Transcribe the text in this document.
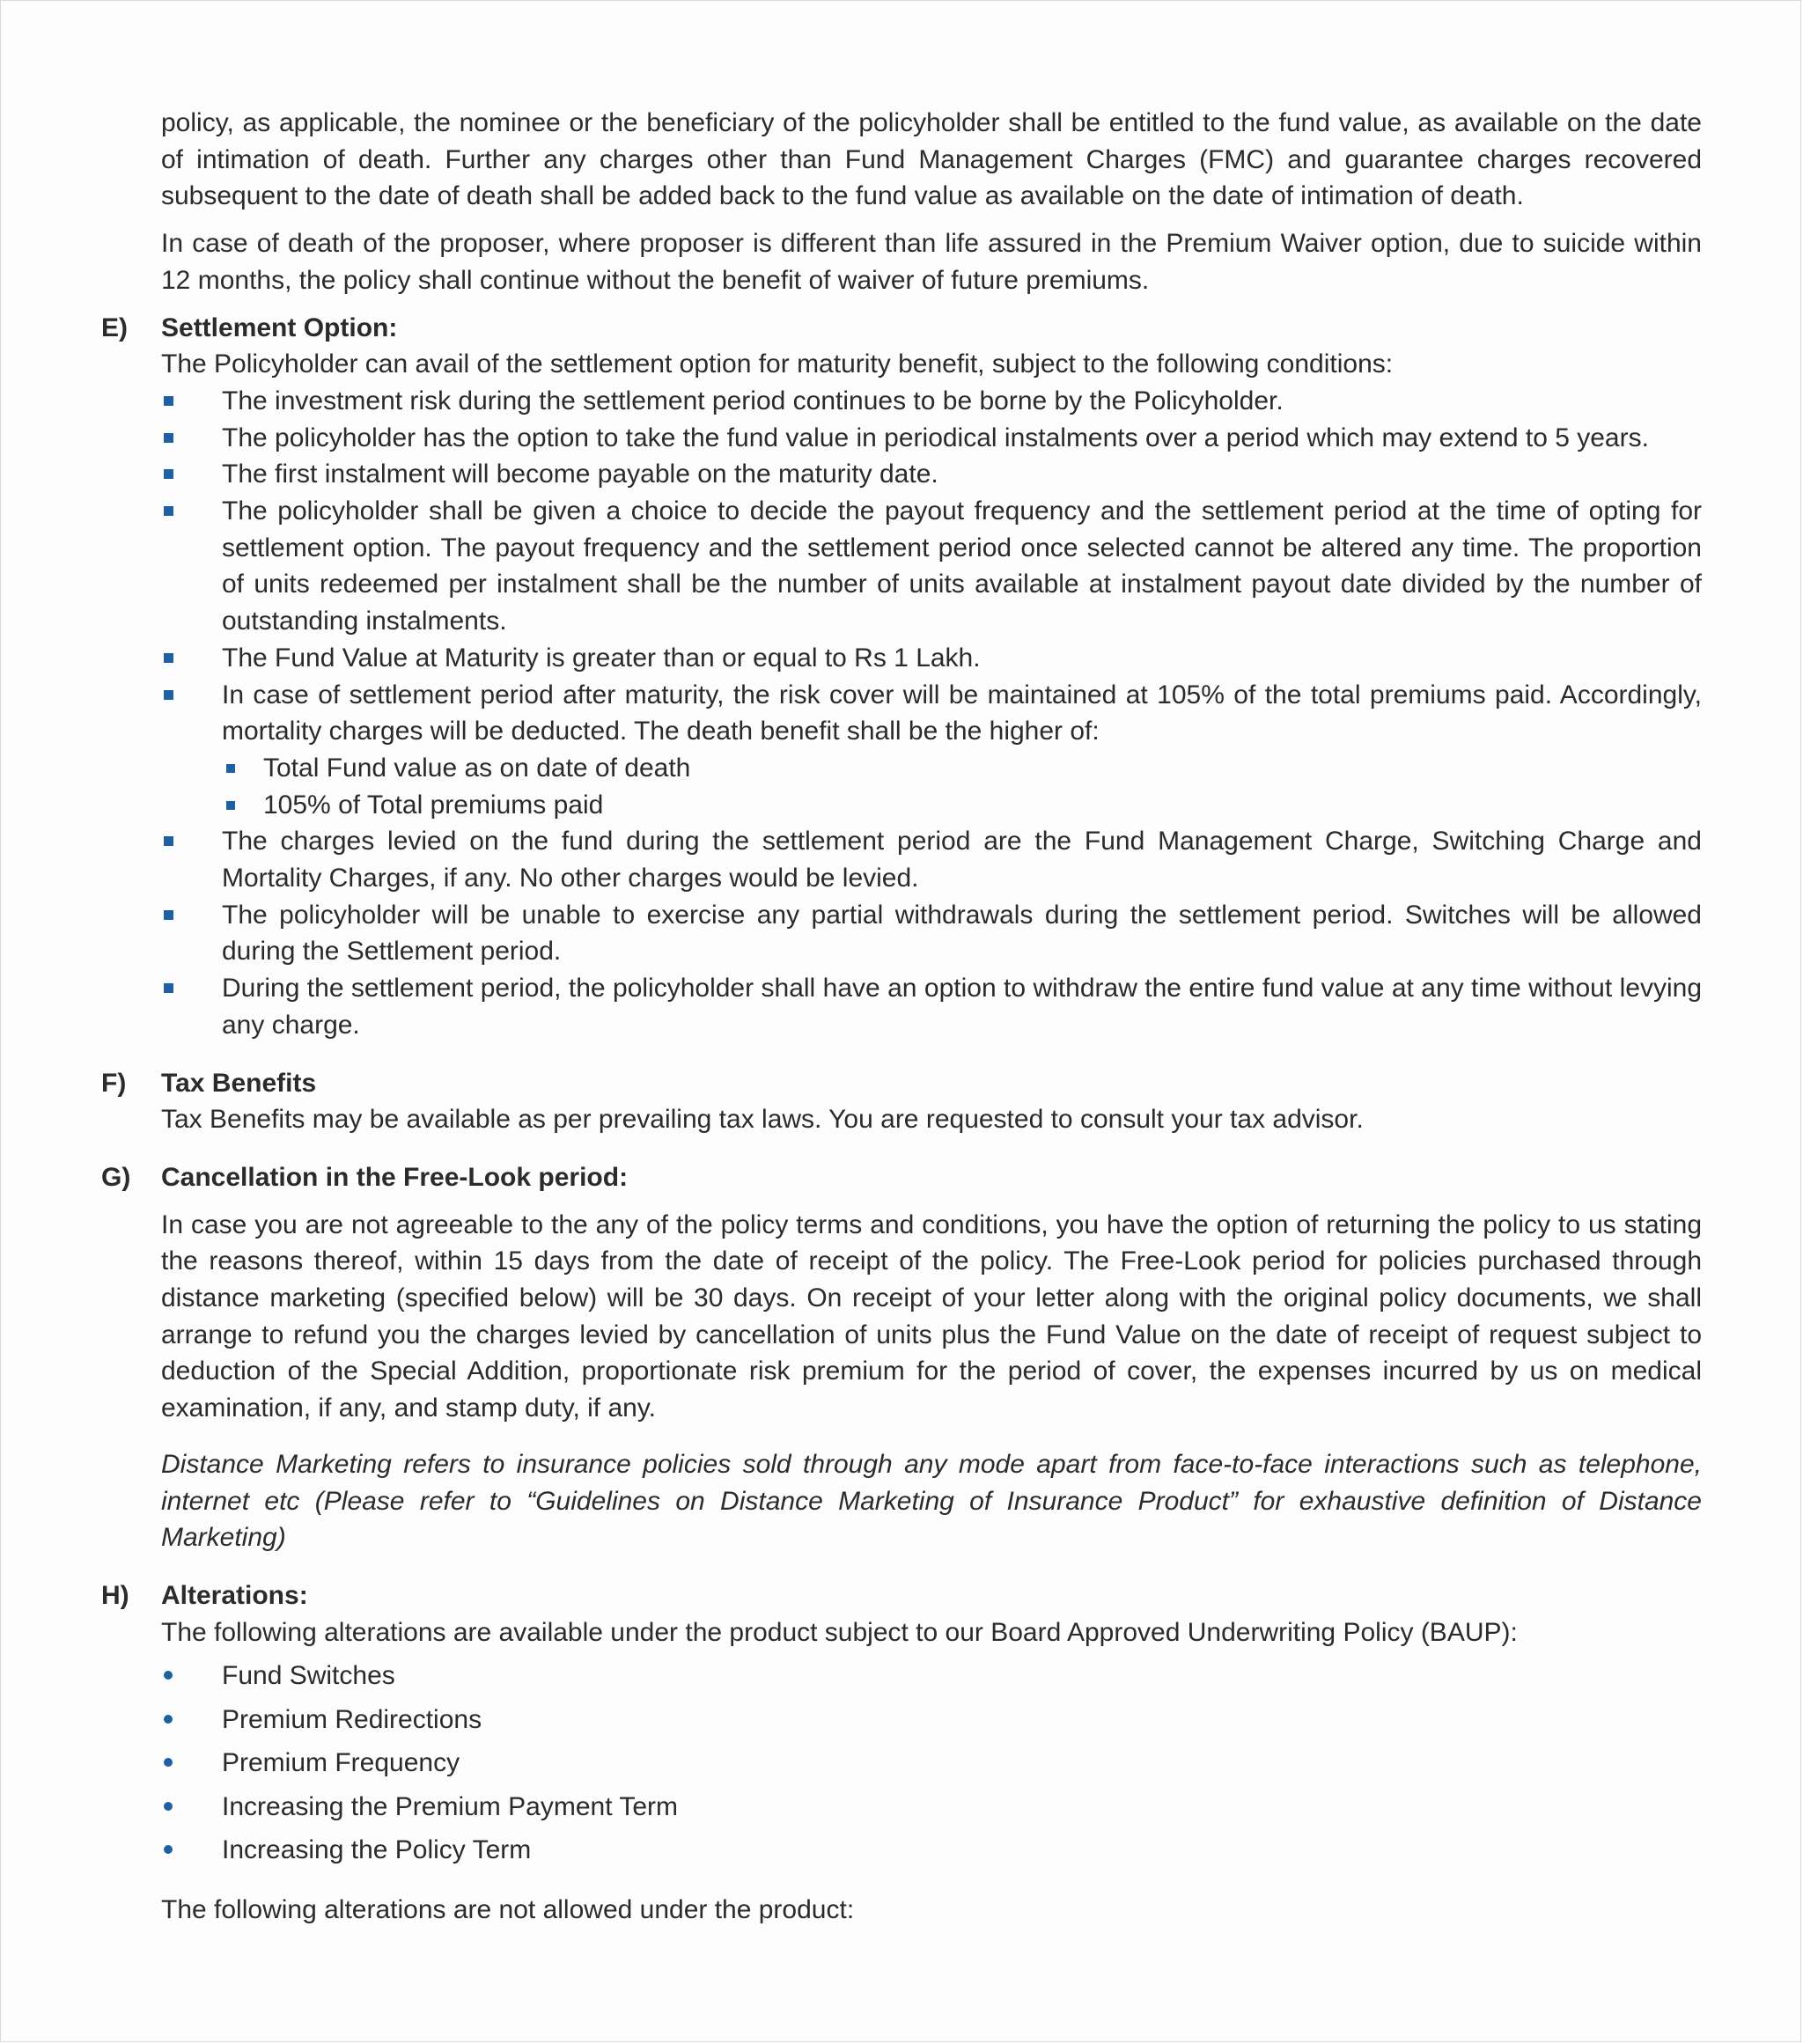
policy, as applicable, the nominee or the beneficiary of the policyholder shall be entitled to the fund value, as available on the date of intimation of death. Further any charges other than Fund Management Charges (FMC) and guarantee charges recovered subsequent to the date of death shall be added back to the fund value as available on the date of intimation of death.

In case of death of the proposer, where proposer is different than life assured in the Premium Waiver option, due to suicide within 12 months, the policy shall continue without the benefit of waiver of future premiums.

E) Settlement Option:

The Policyholder can avail of the settlement option for maturity benefit, subject to the following conditions:

The investment risk during the settlement period continues to be borne by the Policyholder.
The policyholder has the option to take the fund value in periodical instalments over a period which may extend to 5 years.
The first instalment will become payable on the maturity date.
The policyholder shall be given a choice to decide the payout frequency and the settlement period at the time of opting for settlement option. The payout frequency and the settlement period once selected cannot be altered any time. The proportion of units redeemed per instalment shall be the number of units available at instalment payout date divided by the number of outstanding instalments.
The Fund Value at Maturity is greater than or equal to Rs 1 Lakh.
In case of settlement period after maturity, the risk cover will be maintained at 105% of the total premiums paid. Accordingly, mortality charges will be deducted. The death benefit shall be the higher of:
Total Fund value as on date of death
105% of Total premiums paid
The charges levied on the fund during the settlement period are the Fund Management Charge, Switching Charge and Mortality Charges, if any. No other charges would be levied.
The policyholder will be unable to exercise any partial withdrawals during the settlement period. Switches will be allowed during the Settlement period.
During the settlement period, the policyholder shall have an option to withdraw the entire fund value at any time without levying any charge.
F) Tax Benefits

Tax Benefits may be available as per prevailing tax laws. You are requested to consult your tax advisor.

G) Cancellation in the Free-Look period:

In case you are not agreeable to the any of the policy terms and conditions, you have the option of returning the policy to us stating the reasons thereof, within 15 days from the date of receipt of the policy. The Free-Look period for policies purchased through distance marketing (specified below) will be 30 days. On receipt of your letter along with the original policy documents, we shall arrange to refund you the charges levied by cancellation of units plus the Fund Value on the date of receipt of request subject to deduction of the Special Addition, proportionate risk premium for the period of cover, the expenses incurred by us on medical examination, if any, and stamp duty, if any.

Distance Marketing refers to insurance policies sold through any mode apart from face-to-face interactions such as telephone, internet etc (Please refer to “Guidelines on Distance Marketing of Insurance Product” for exhaustive definition of Distance Marketing)

H) Alterations:

The following alterations are available under the product subject to our Board Approved Underwriting Policy (BAUP):

Fund Switches
Premium Redirections
Premium Frequency
Increasing the Premium Payment Term
Increasing the Policy Term

The following alterations are not allowed under the product:
